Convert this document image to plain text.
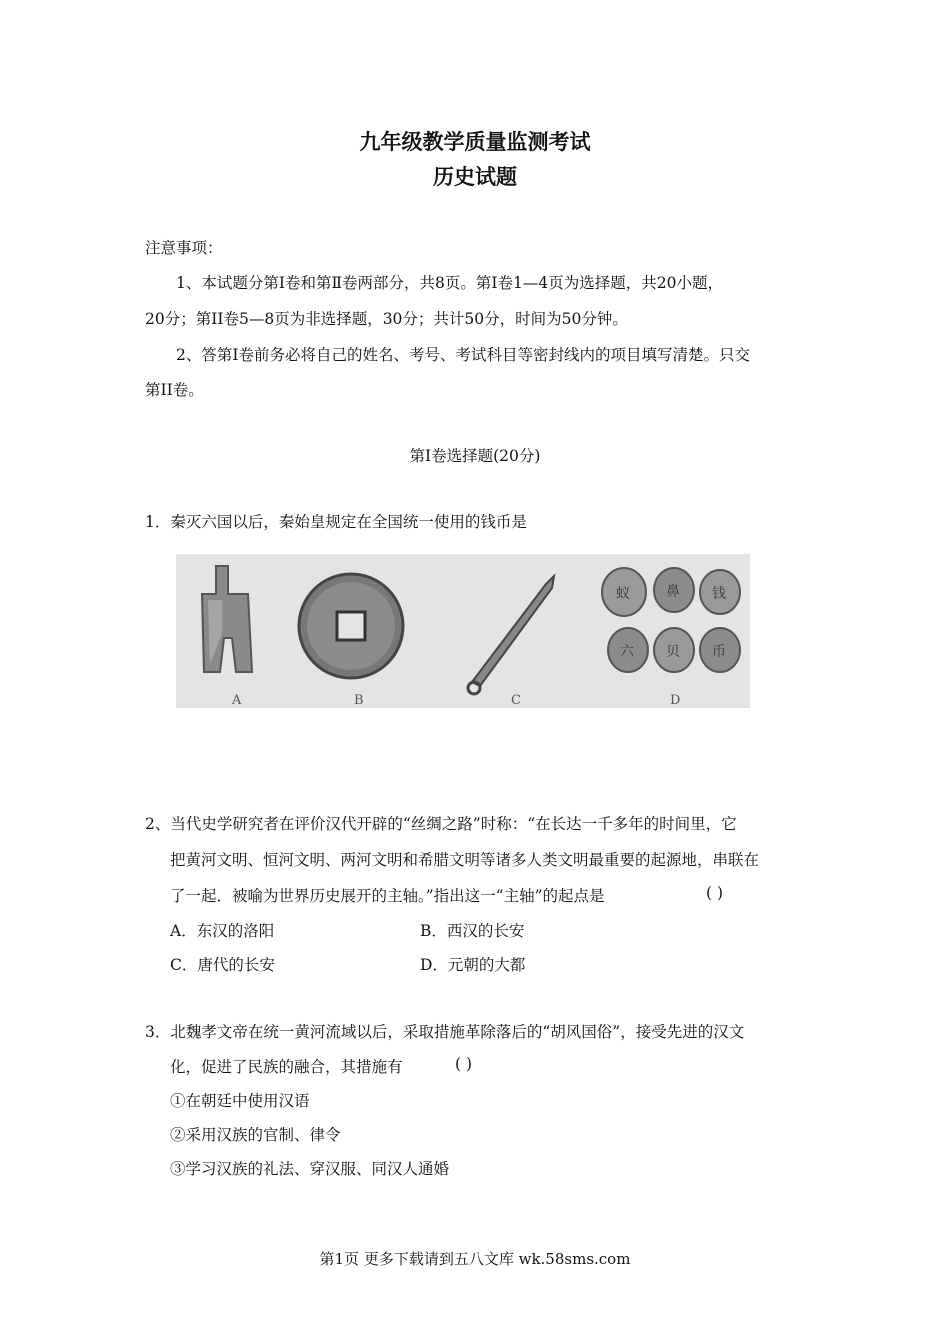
九年级教学质量监测考试
历史试题
注意事项：
1、本试题分第Ⅰ卷和第Ⅱ卷两部分，共8页。第Ⅰ卷1—4页为选择题，共20小题，
20分；第II卷5—8页为非选择题，30分；共计50分，时间为50分钟。
2、答第Ⅰ卷前务必将自己的姓名、考号、考试科目等密封线内的项目填写清楚。只交
第II卷。
第Ⅰ卷选择题(20分)
1．秦灭六国以后，秦始皇规定在全国统一使用的钱币是
A	B	C	D
蚁	鼻 钱
六 贝 币
2、当代史学研究者在评价汉代开辟的“丝绸之路”时称：“在长达一千多年的时间里，它
把黄河文明、恒河文明、两河文明和希腊文明等诸多人类文明最重要的起源地，串联在
了一起．被喻为世界历史展开的主轴。”指出这一“主轴”的起点是	( )
A．东汉的洛阳	B．西汉的长安
C．唐代的长安	D．元朝的大都
3．北魏孝文帝在统一黄河流域以后，采取措施革除落后的“胡风国俗”，接受先进的汉文
化，促进了民族的融合，其措施有	( )
①在朝廷中使用汉语
②采用汉族的官制、律令
③学习汉族的礼法、穿汉服、同汉人通婚
第1页 更多下载请到五八文库 wk.58sms.com
